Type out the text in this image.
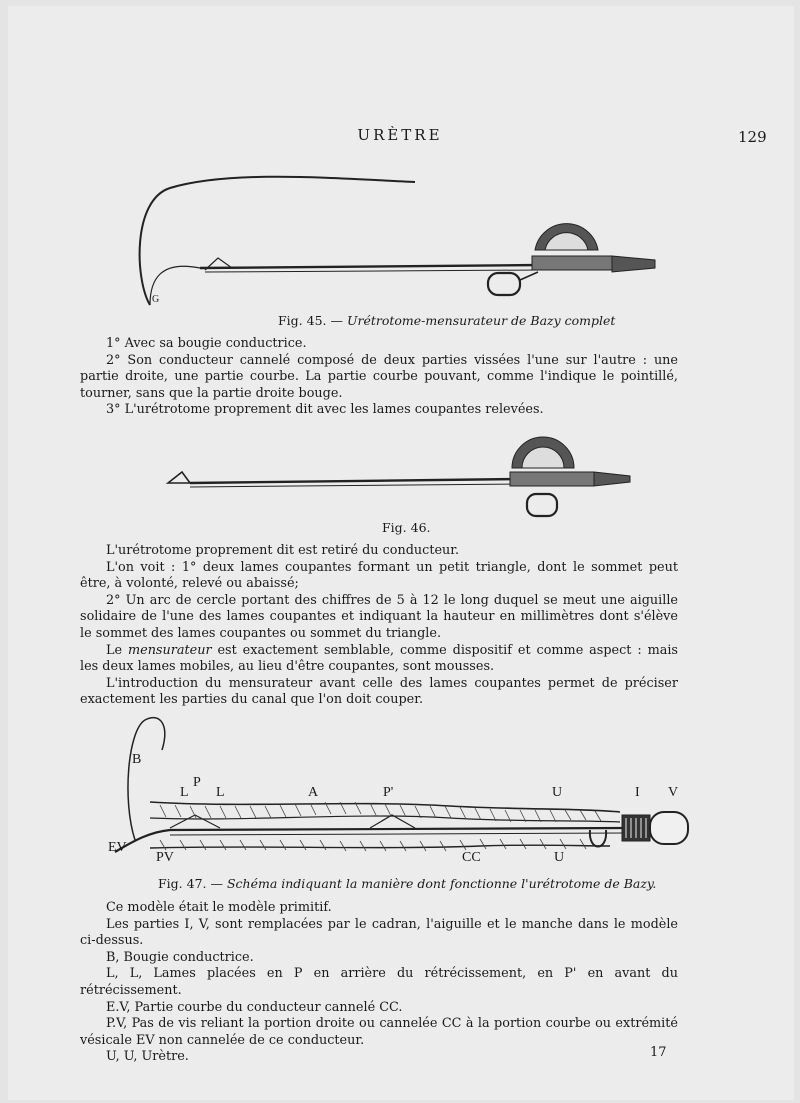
URÈTRE	129
G
Fig. 45. — Urétrotome-mensurateur de Bazy complet

1° Avec sa bougie conductrice.

2° Son conducteur cannelé composé de deux parties vissées l'une sur l'autre : une partie droite, une partie courbe. La partie courbe pouvant, comme l'indique le pointillé, tourner, sans que la partie droite bouge.

3° L'urétrotome proprement dit avec les lames coupantes relevées.

Fig. 46.

L'urétrotome proprement dit est retiré du conducteur.

L'on voit : 1° deux lames coupantes formant un petit triangle, dont le sommet peut être, à volonté, relevé ou abaissé;

2° Un arc de cercle portant des chiffres de 5 à 12 le long duquel se meut une aiguille solidaire de l'une des lames coupantes et indiquant la hauteur en millimètres dont s'élève le sommet des lames coupantes ou sommet du triangle.

Le mensurateur est exactement semblable, comme dispositif et comme aspect : mais les deux lames mobiles, au lieu d'être coupantes, sont mousses.

L'introduction du mensurateur avant celle des lames coupantes permet de préciser exactement les parties du canal que l'on doit couper.

B
L
P
L	A	P'	U	I V
EV
PV	CC	U
Fig. 47. — Schéma indiquant la manière dont fonctionne l'urétrotome de Bazy.

Ce modèle était le modèle primitif.

Les parties I, V, sont remplacées par le cadran, l'aiguille et le manche dans le modèle ci-dessus.

B, Bougie conductrice.

L, L, Lames placées en P en arrière du rétrécissement, en P' en avant du rétrécissement.

E.V, Partie courbe du conducteur cannelé CC.

P.V, Pas de vis reliant la portion droite ou cannelée CC à la portion courbe ou extrémité vésicale EV non cannelée de ce conducteur.

U, U, Urètre.	17
